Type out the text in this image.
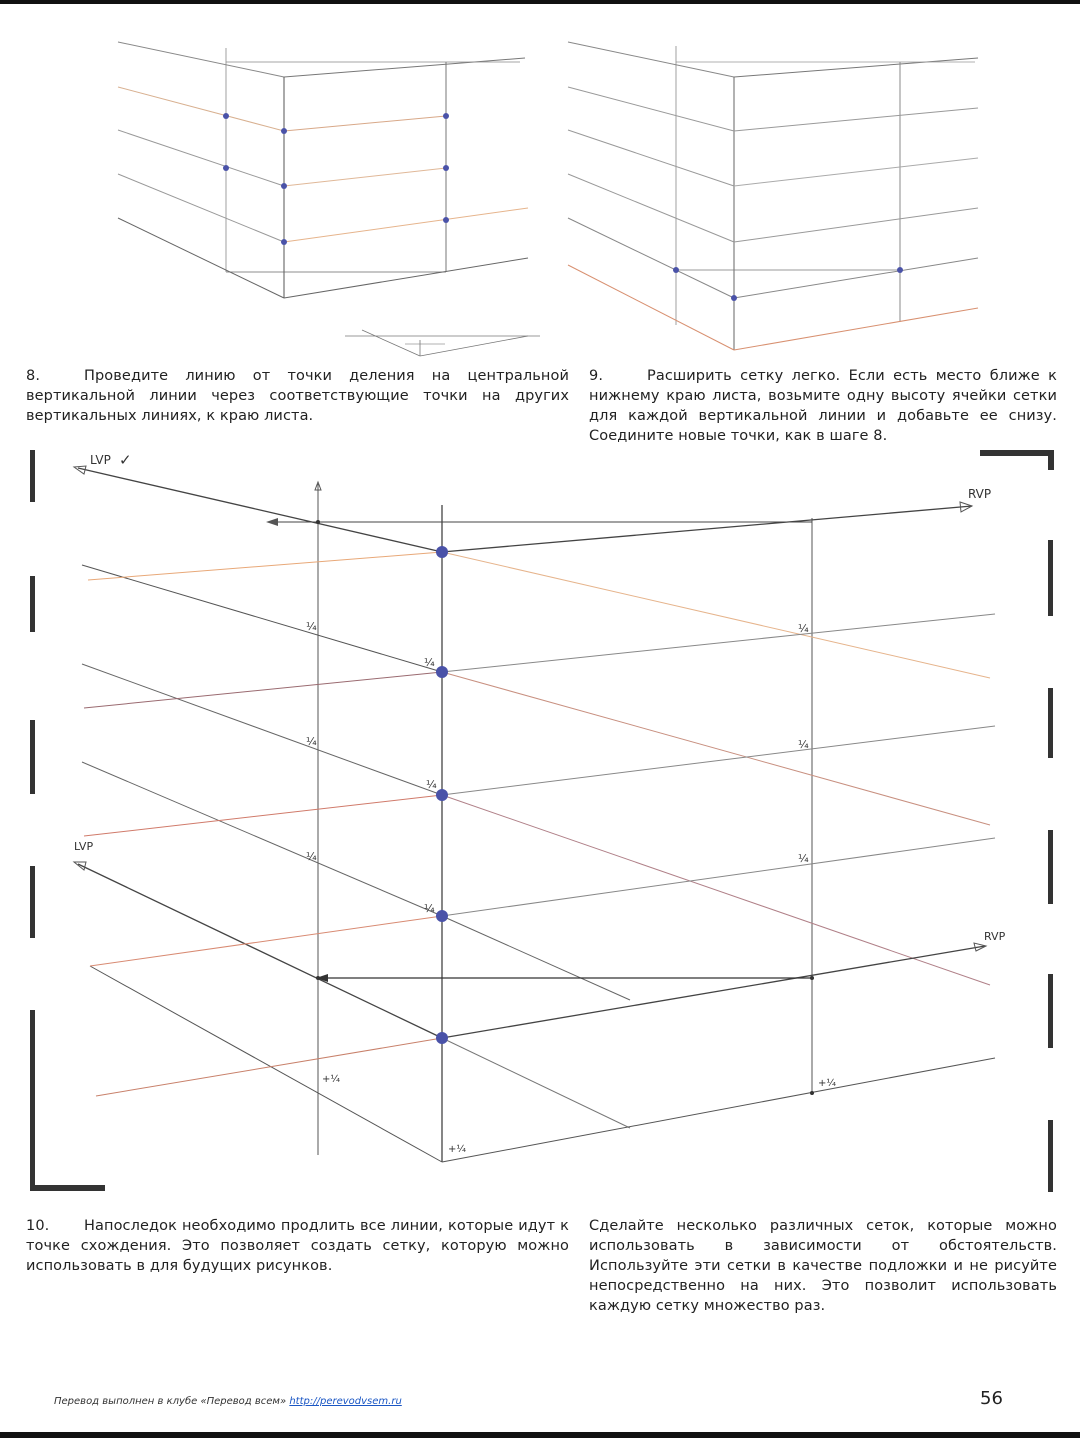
LVP ✓
RVP
LVP
RVP
¼
¼
¼
¼
¼
¼
¼
¼
¼
+¼	+¼
+¼
8.	Проведите линию от точки деления на центральной вертикальной линии через соответствующие точки на других вертикальных линиях, к краю листа.
9.	Расширить сетку легко. Если есть место ближе к нижнему краю листа, возьмите одну высоту ячейки сетки для каждой вертикальной линии и добавьте ее снизу. Соедините новые точки, как в шаге 8.
10. Напоследок необходимо продлить все линии, которые идут к точке схождения. Это позволяет создать сетку, которую можно использовать в для будущих рисунков.
Сделайте несколько различных сеток, которые можно использовать в зависимости от обстоятельств. Используйте эти сетки в качестве подложки и не рисуйте непосредственно на них. Это позволит использовать каждую сетку множество раз.
Перевод выполнен в клубе «Перевод всем» http://perevodvsem.ru	56
